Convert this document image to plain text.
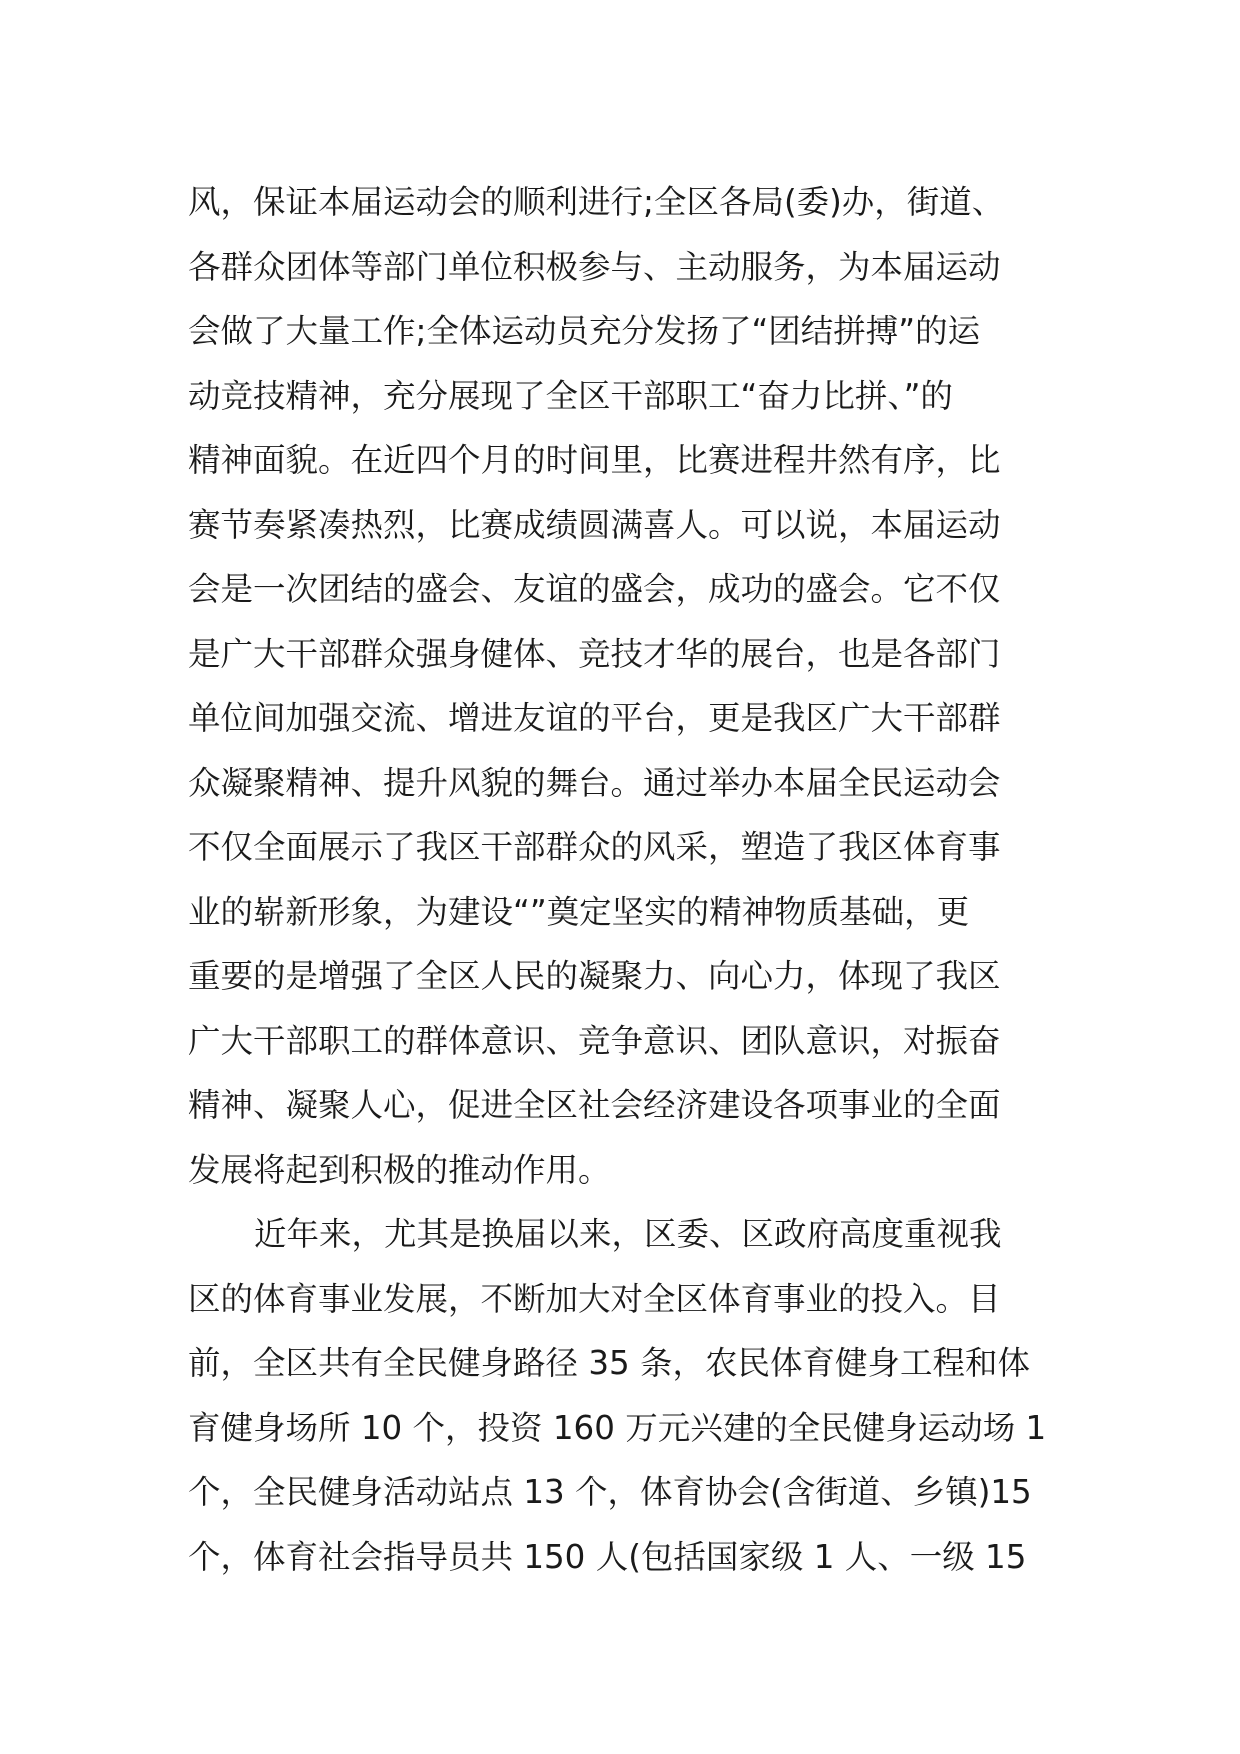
风，保证本届运动会的顺利进行;全区各局(委)办，街道、
各群众团体等部门单位积极参与、主动服务，为本届运动
会做了大量工作;全体运动员充分发扬了“团结拼搏”的运
动竞技精神，充分展现了全区干部职工“奋力比拼、”的
精神面貌。在近四个月的时间里，比赛进程井然有序，比
赛节奏紧凑热烈，比赛成绩圆满喜人。可以说，本届运动
会是一次团结的盛会、友谊的盛会，成功的盛会。它不仅
是广大干部群众强身健体、竞技才华的展台，也是各部门
单位间加强交流、增进友谊的平台，更是我区广大干部群
众凝聚精神、提升风貌的舞台。通过举办本届全民运动会
不仅全面展示了我区干部群众的风采，塑造了我区体育事
业的崭新形象，为建设“”奠定坚实的精神物质基础，更
重要的是增强了全区人民的凝聚力、向心力，体现了我区
广大干部职工的群体意识、竞争意识、团队意识，对振奋
精神、凝聚人心，促进全区社会经济建设各项事业的全面
发展将起到积极的推动作用。
近年来，尤其是换届以来，区委、区政府高度重视我
区的体育事业发展，不断加大对全区体育事业的投入。目
前，全区共有全民健身路径 35 条，农民体育健身工程和体
育健身场所 10 个，投资 160 万元兴建的全民健身运动场 1
个，全民健身活动站点 13 个，体育协会(含街道、乡镇)15
个，体育社会指导员共 150 人(包括国家级 1 人、一级 15
